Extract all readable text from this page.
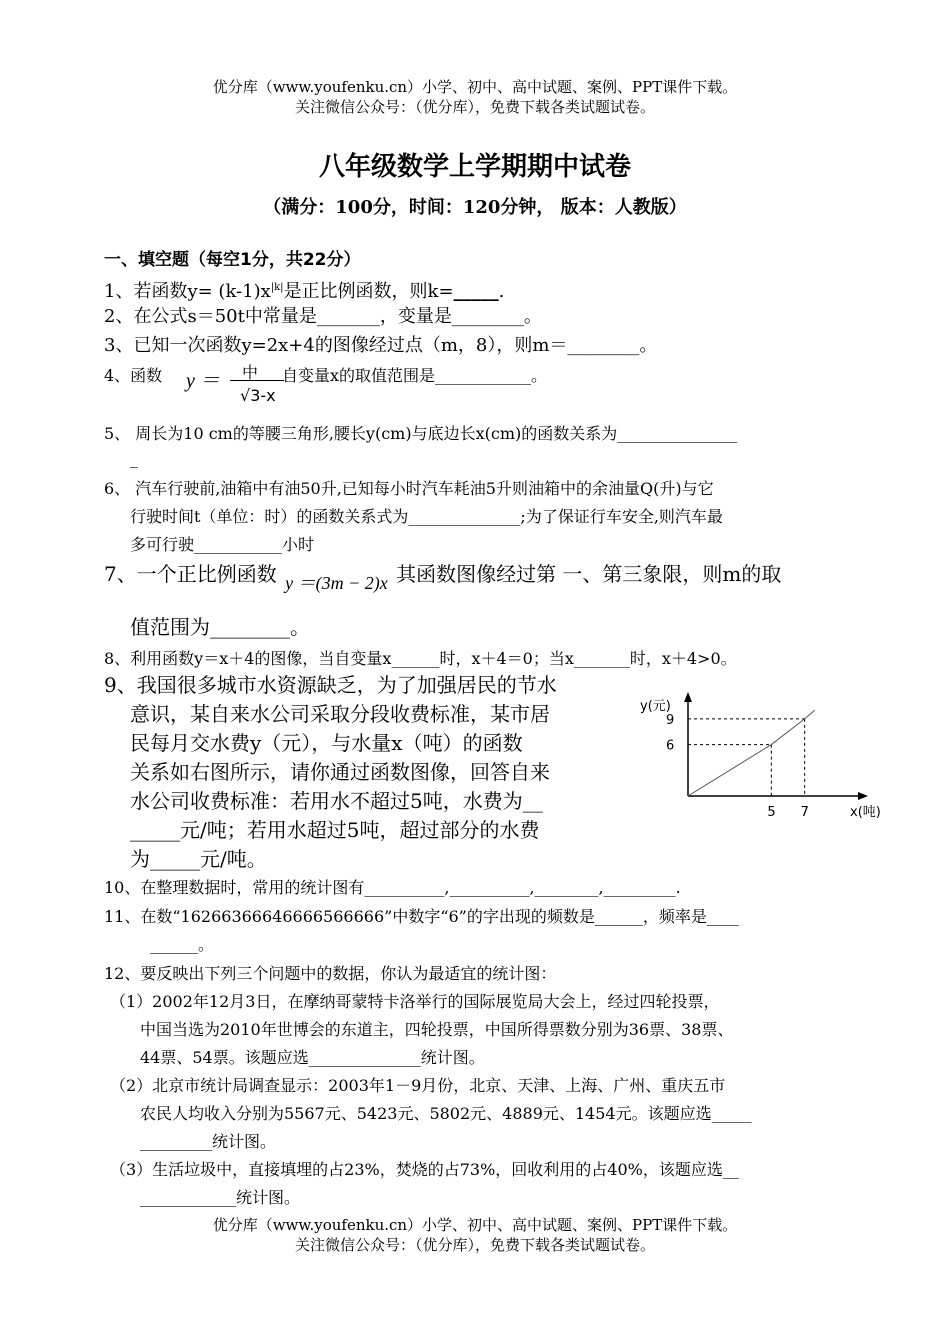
优分库（www.youfenku.cn）小学、初中、高中试题、案例、PPT课件下载。
关注微信公众号：（优分库），免费下载各类试题试卷。
八年级数学上学期期中试卷
（满分：100分，时间：120分钟， 版本：人教版）
一、填空题（每空1分，共22分）
1、若函数$y= (k-1)x^{|k|}$是正比例函数，则k=_____.
2、在公式s＝50t中常量是_______，变量是________。
3、已知一次函数y=2x+4的图像经过点（m，8），则m＝________。
4、函数 y ＝ 中
√3-x
自变量x的取值范围是____________。
5、 周长为10 cm的等腰三角形,腰长y(cm)与底边长x(cm)的函数关系为_______________
_
6、 汽车行驶前,油箱中有油50升,已知每小时汽车耗油5升则油箱中的余油量Q(升)与它
行驶时间t（单位：时）的函数关系式为______________;为了保证行车安全,则汽车最
多可行驶___________小时
7、一个正比例函数 y ＝(3m − 2)x 其函数图像经过第 一、第三象限，则m的取
值范围为________。
8、利用函数y＝x＋4的图像，当自变量x______时，x＋4＝0；当x_______时，x＋4>0。
9、我国很多城市水资源缺乏，为了加强居民的节水
意识，某自来水公司采取分段收费标准，某市居
民每月交水费y（元），与水量x（吨）的函数
关系如右图所示，请你通过函数图像，回答自来
水公司收费标准：若用水不超过5吨，水费为__
_____元/吨；若用水超过5吨，超过部分的水费
为_____元/吨。
y(元)
x(吨)
5 7
6
9
10、在整理数据时，常用的统计图有__________,__________,________,_________.
11、在数“16266366646666566666”中数字“6”的字出现的频数是______，频率是____
______。
12、要反映出下列三个问题中的数据，你认为最适宜的统计图：
（1）2002年12月3日，在摩纳哥蒙特卡洛举行的国际展览局大会上，经过四轮投票，
中国当选为2010年世博会的东道主，四轮投票，中国所得票数分别为36票、38票、
44票、54票。该题应选______________统计图。
（2）北京市统计局调查显示：2003年1－9月份，北京、天津、上海、广州、重庆五市
农民人均收入分别为5567元、5423元、5802元、4889元、1454元。该题应选_____
_________统计图。
（3）生活垃圾中，直接填埋的占23%，焚烧的占73%，回收利用的占40%，该题应选__
____________统计图。
优分库（www.youfenku.cn）小学、初中、高中试题、案例、PPT课件下载。
关注微信公众号：（优分库），免费下载各类试题试卷。
